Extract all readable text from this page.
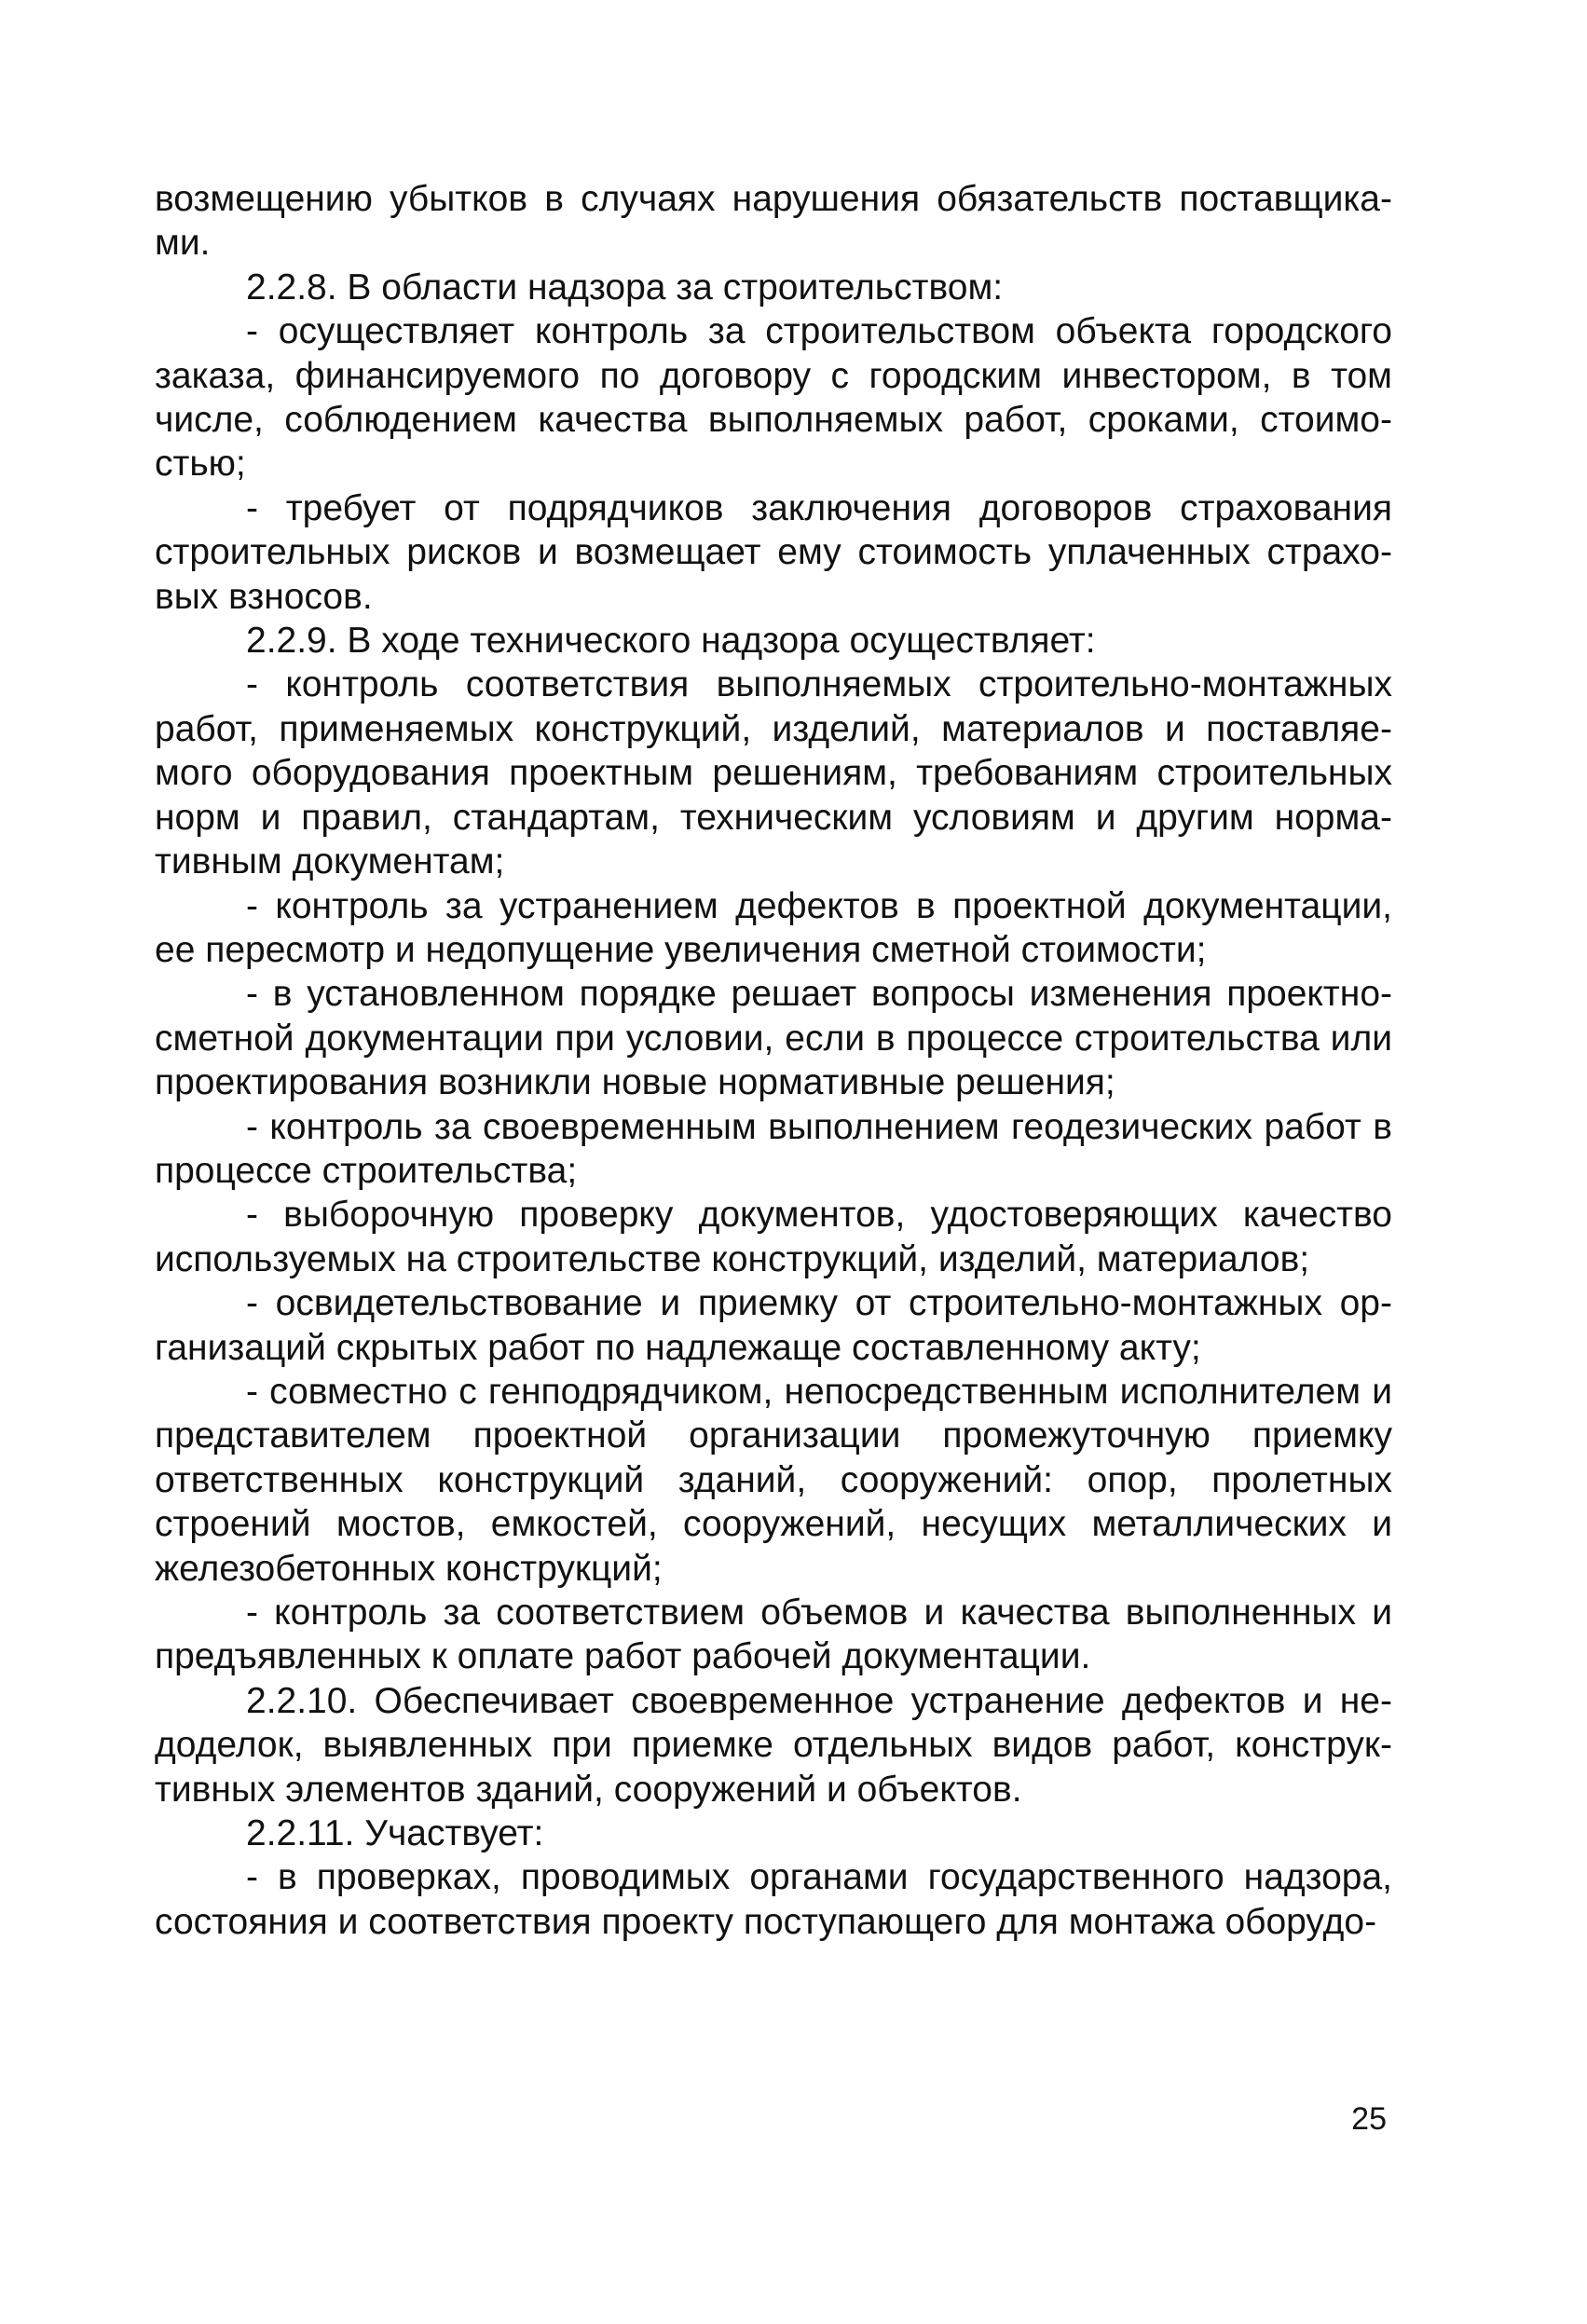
возмещению убытков в случаях нарушения обязательств поставщиками.

2.2.8. В области надзора за строительством:

- осуществляет контроль за строительством объекта городского заказа, финансируемого по договору с городским инвестором, в том числе, соблюдением качества выполняемых работ, сроками, стоимостью;

- требует от подрядчиков заключения договоров страхования строительных рисков и возмещает ему стоимость уплаченных страховых взносов.

2.2.9. В ходе технического надзора осуществляет:

- контроль соответствия выполняемых строительно-монтажных работ, применяемых конструкций, изделий, материалов и поставляемого оборудования проектным решениям, требованиям строительных норм и правил, стандартам, техническим условиям и другим нормативным документам;

- контроль за устранением дефектов в проектной документации, ее пересмотр и недопущение увеличения сметной стоимости;

- в установленном порядке решает вопросы изменения проектно-сметной документации при условии, если в процессе строительства или проектирования возникли новые нормативные решения;

- контроль за своевременным выполнением геодезических работ в процессе строительства;

- выборочную проверку документов, удостоверяющих качество используемых на строительстве конструкций, изделий, материалов;

- освидетельствование и приемку от строительно-монтажных организаций скрытых работ по надлежаще составленному акту;

- совместно с генподрядчиком, непосредственным исполнителем и представителем проектной организации промежуточную приемку ответственных конструкций зданий, сооружений: опор, пролетных строений мостов, емкостей, сооружений, несущих металлических и железобетонных конструкций;

- контроль за соответствием объемов и качества выполненных и предъявленных к оплате работ рабочей документации.

2.2.10. Обеспечивает своевременное устранение дефектов и недоделок, выявленных при приемке отдельных видов работ, конструктивных элементов зданий, сооружений и объектов.

2.2.11. Участвует:

- в проверках, проводимых органами государственного надзора, состояния и соответствия проекту поступающего для монтажа оборудо-

25
